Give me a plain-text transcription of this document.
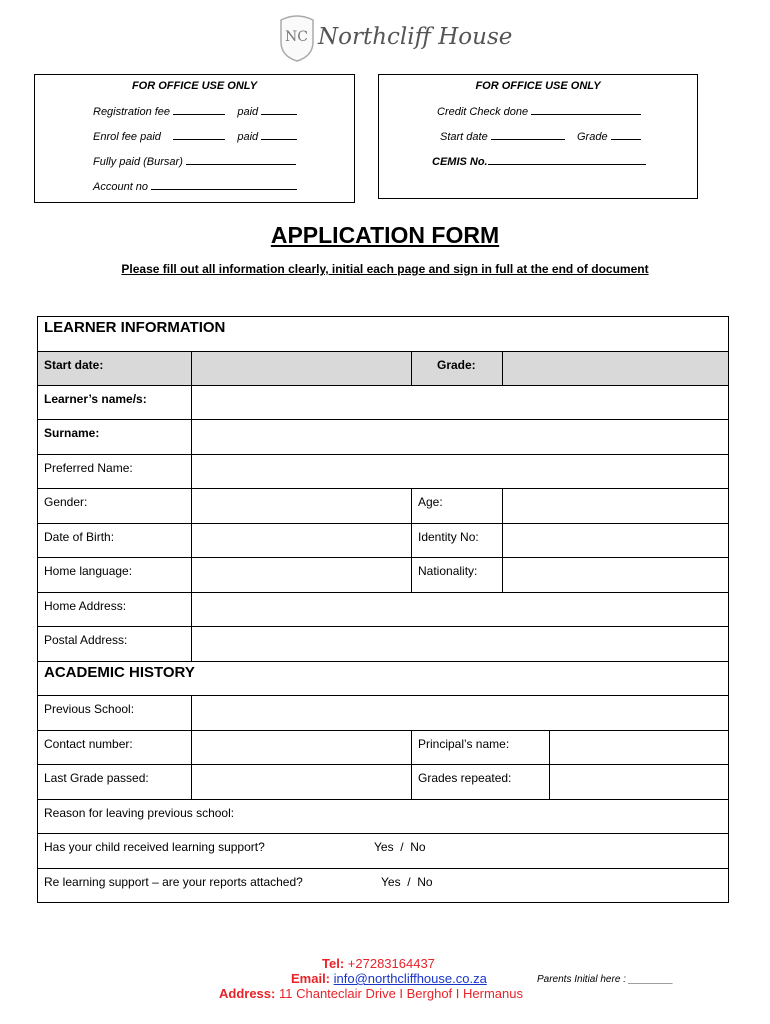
NC Northcliff House
FOR OFFICE USE ONLY
Registration fee	paid
Enrol fee paid	paid
Fully paid (Bursar)
Account no
FOR OFFICE USE ONLY
Credit Check done
Start date	Grade
CEMIS No.
APPLICATION FORM
Please fill out all information clearly, initial each page and sign in full at the end of document
LEARNER INFORMATION
Start date:	Grade:
Learner’s name/s:
Surname:
Preferred Name:
Gender:	Age:
Date of Birth:	Identity No:
Home language:	Nationality:
Home Address:
Postal Address:
ACADEMIC HISTORY
Previous School:
Contact number:	Principal’s name:
Last Grade passed:	Grades repeated:
Reason for leaving previous school:
Has your child received learning support?	Yes  /  No
Re learning support – are your reports attached?	Yes  /  No
Tel: +27283164437
Email: info@northcliffhouse.co.za	Parents Initial here : ________
Address: 11 Chanteclair Drive I Berghof I Hermanus
